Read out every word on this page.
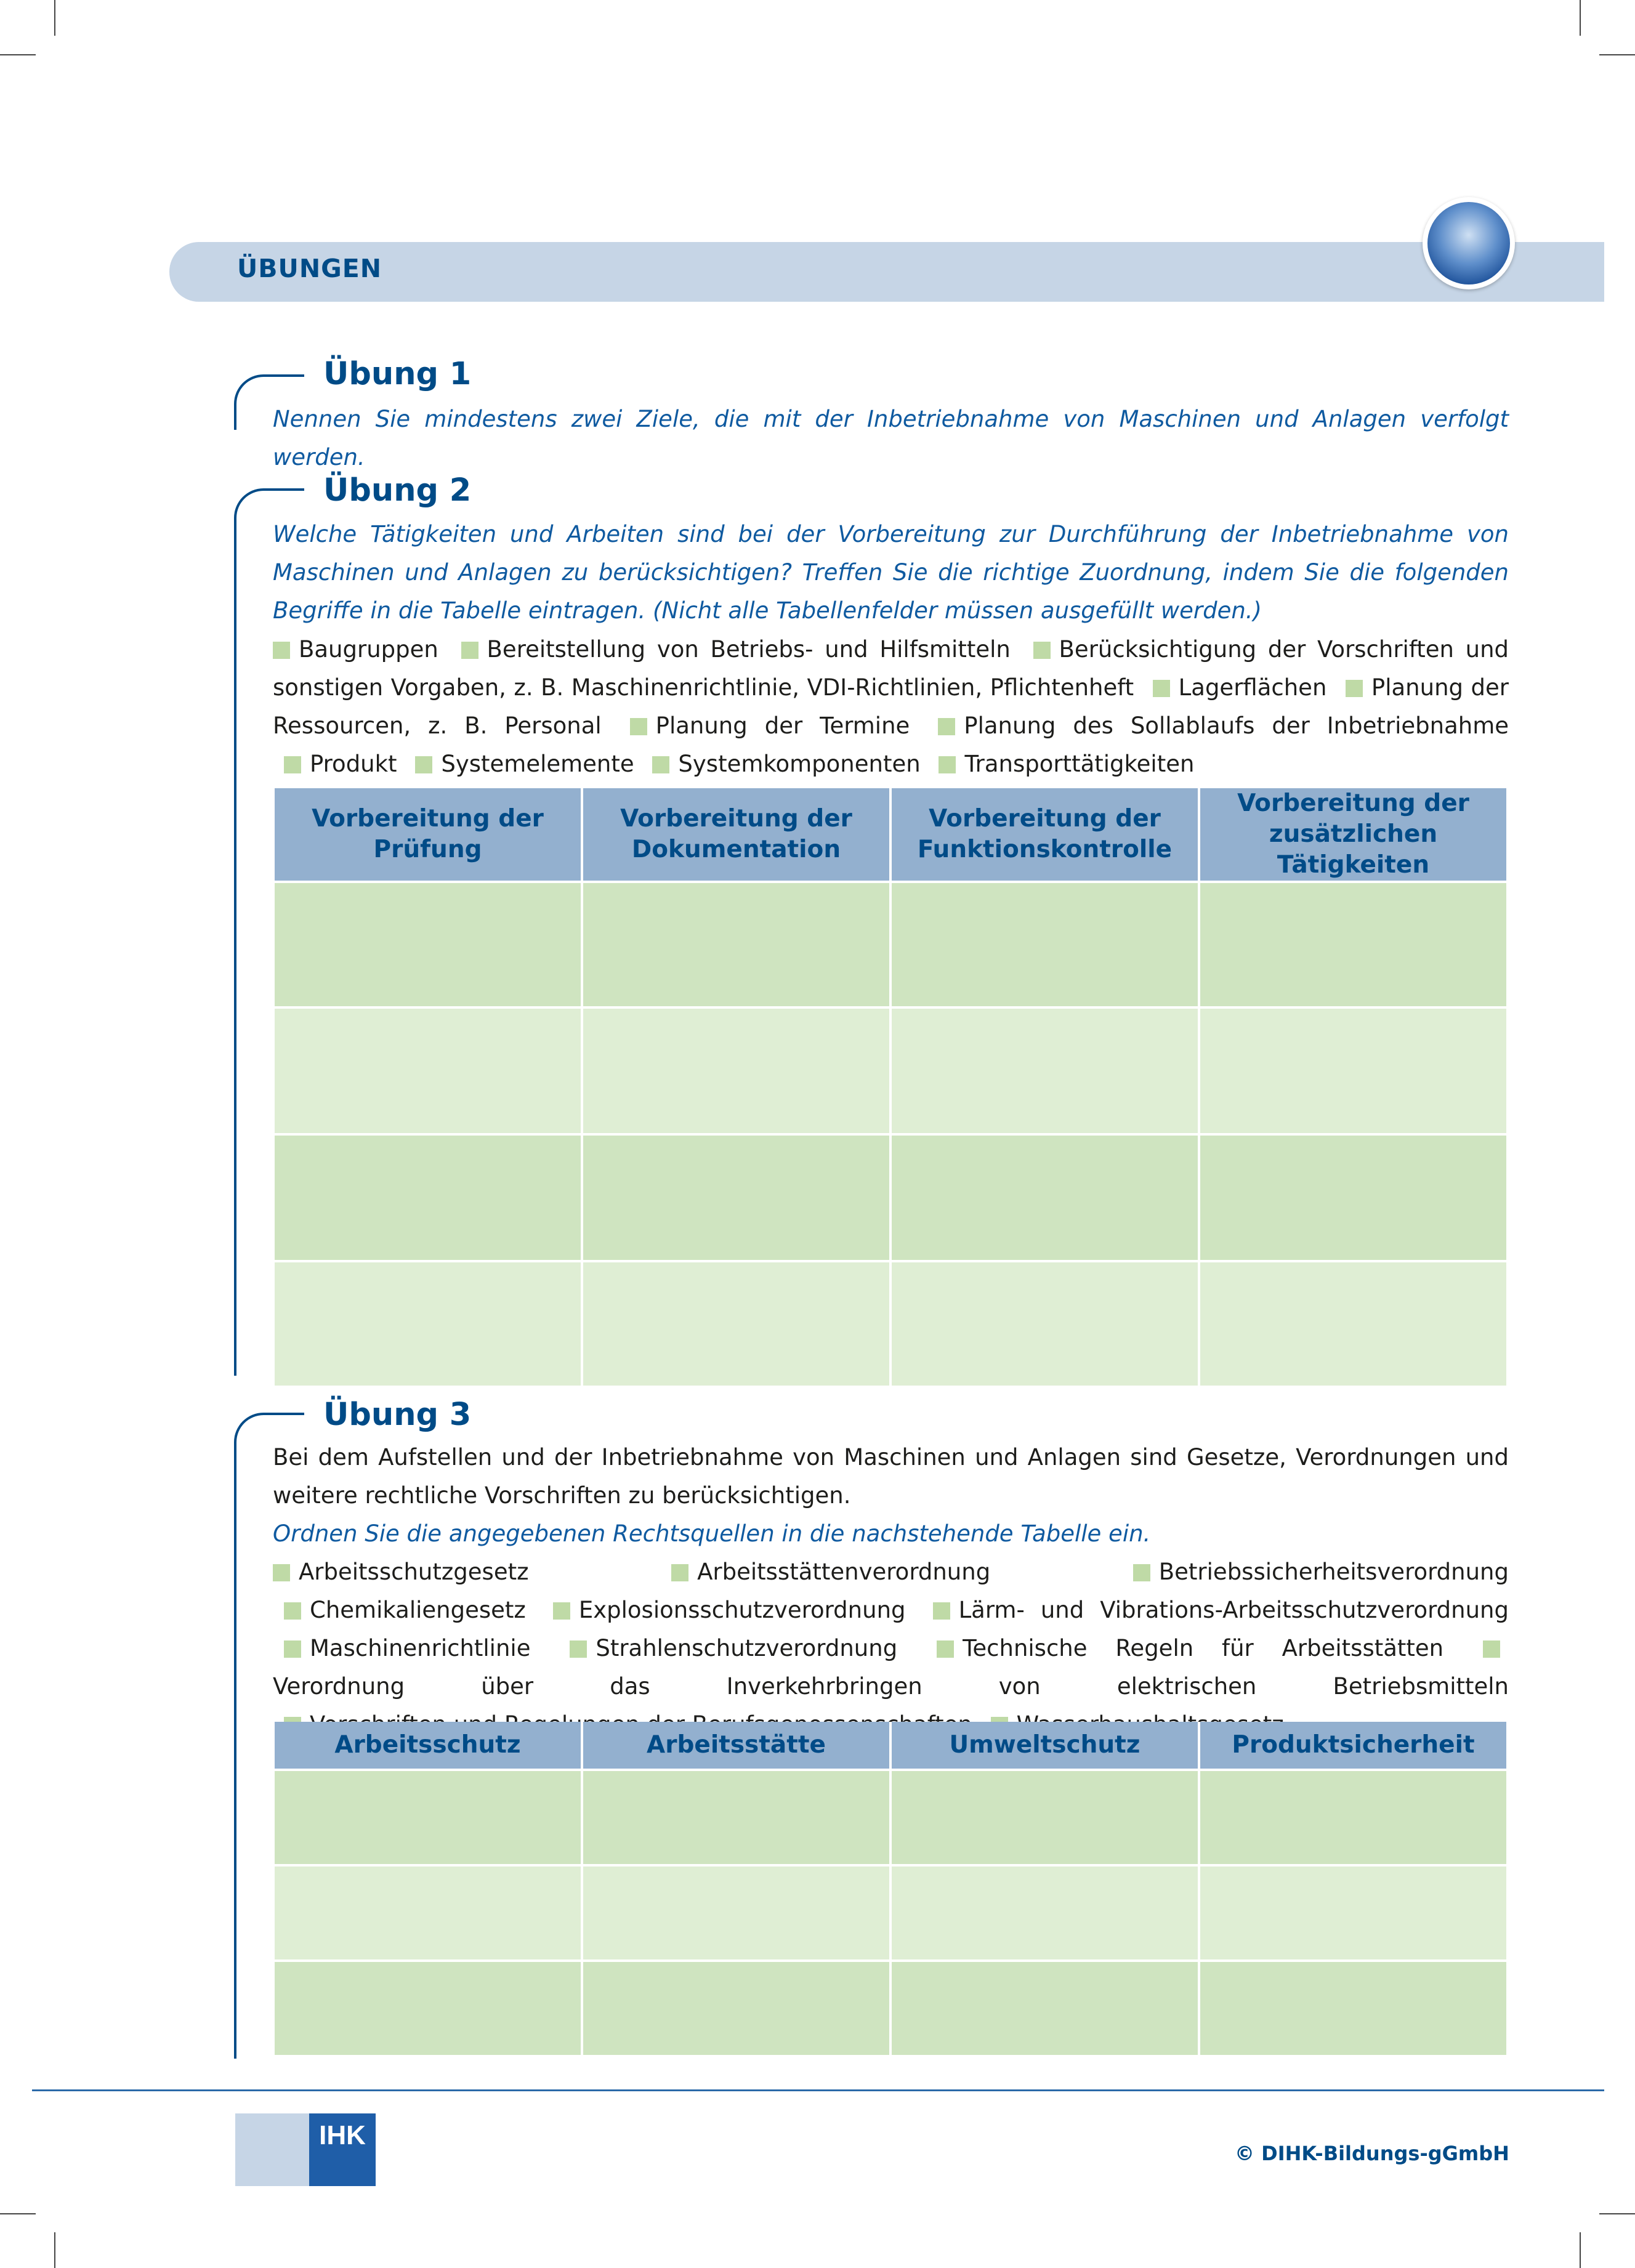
ÜBUNGEN
Übung 1
Nennen Sie mindestens zwei Ziele, die mit der Inbetriebnahme von Maschinen und Anlagen verfolgt werden.
Übung 2
Welche Tätigkeiten und Arbeiten sind bei der Vorbereitung zur Durchführung der Inbetriebnahme von Maschinen und Anlagen zu berücksichtigen? Treffen Sie die richtige Zuordnung, indem Sie die folgenden Begriffe in die Tabelle eintragen. (Nicht alle Tabellenfelder müssen ausgefüllt werden.)
Baugruppen Bereitstellung von Betriebs- und Hilfsmitteln Berücksichtigung der Vorschriften und sonstigen Vorgaben, z. B. Maschinenrichtlinie, VDI-Richtlinien, Pflichtenheft Lagerflächen Planung der Ressourcen, z. B. Personal Planung der Termine Planung des Sollablaufs der Inbetriebnahme Produkt Systemelemente Systemkomponenten Transporttätigkeiten
Vorbereitung der Prüfung	Vorbereitung der Dokumentation	Vorbereitung der Funktionskontrolle	Vorbereitung der zusätzlichen Tätigkeiten

Übung 3
Bei dem Aufstellen und der Inbetriebnahme von Maschinen und Anlagen sind Gesetze, Verordnungen und weitere rechtliche Vorschriften zu berücksichtigen.
Ordnen Sie die angegebenen Rechtsquellen in die nachstehende Tabelle ein.
Arbeitsschutzgesetz	Arbeitsstättenverordnung	Betriebssicherheitsverordnung Chemikaliengesetz Explosionsschutzverordnung Lärm- und Vibrations-Arbeitsschutzverordnung Maschinenrichtlinie	Strahlenschutzverordnung	Technische Regeln für Arbeitsstätten Verordnung über das Inverkehrbringen von elektrischen Betriebsmitteln
Arbeitsschutz	Arbeitsstätte	Umweltschutz	Produktsicherheit

IHK
© DIHK-Bildungs-gGmbH
